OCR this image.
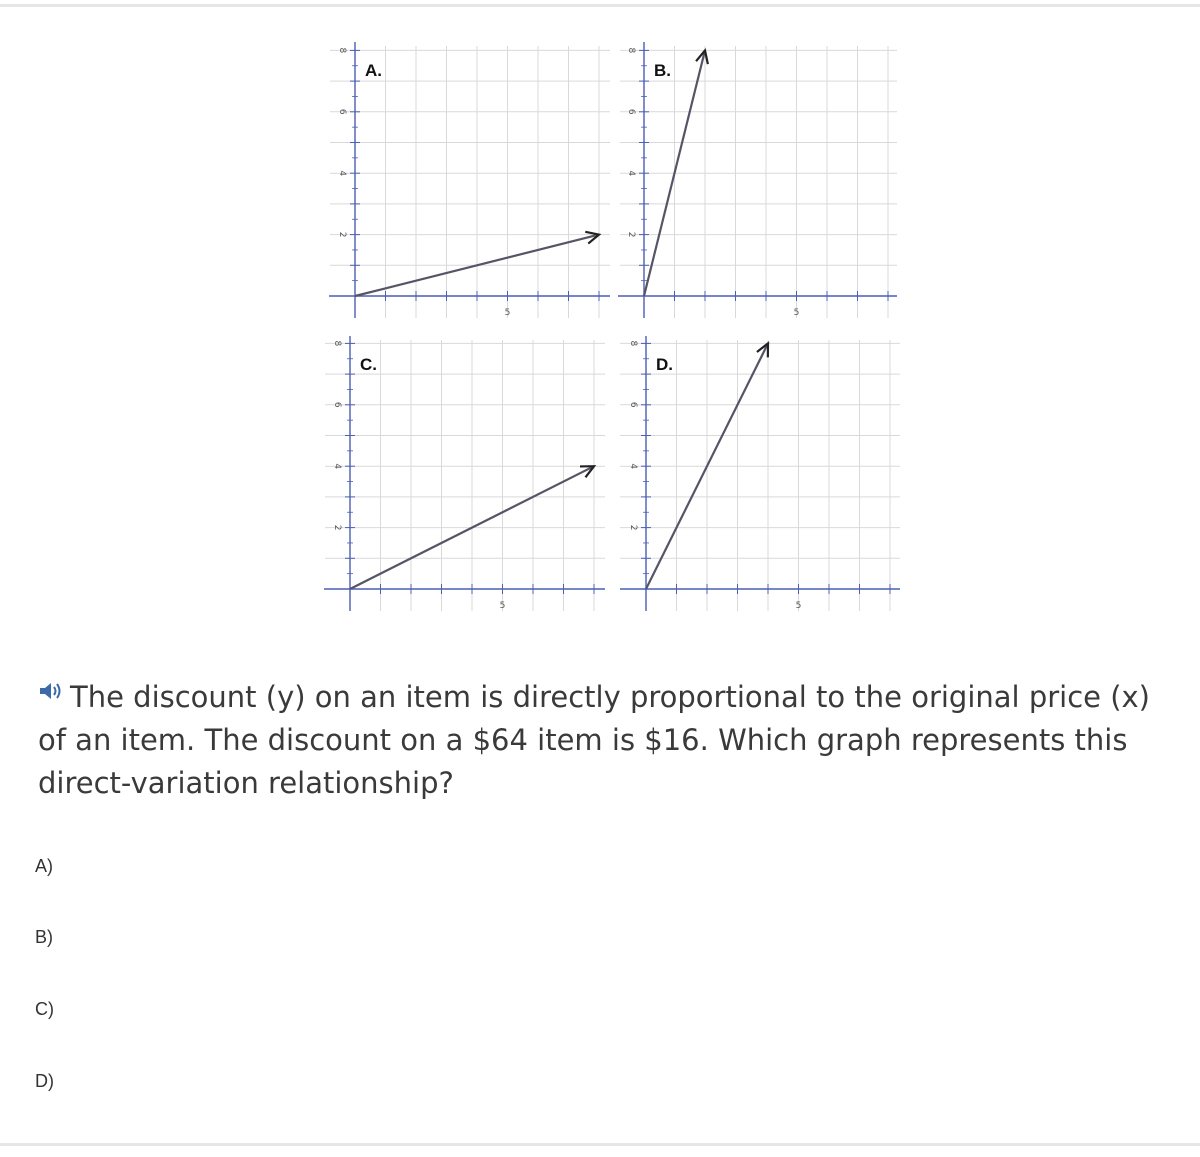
2
4
6
8
5
A.
2
4
6
8
5
B.
2
4
6
8
5
C.
2
4
6
8
5
D.
The discount (y) on an item is directly proportional to the original price (x) of an item. The discount on a $64 item is $16. Which graph represents this direct-variation relationship?
A)
B)
C)
D)
